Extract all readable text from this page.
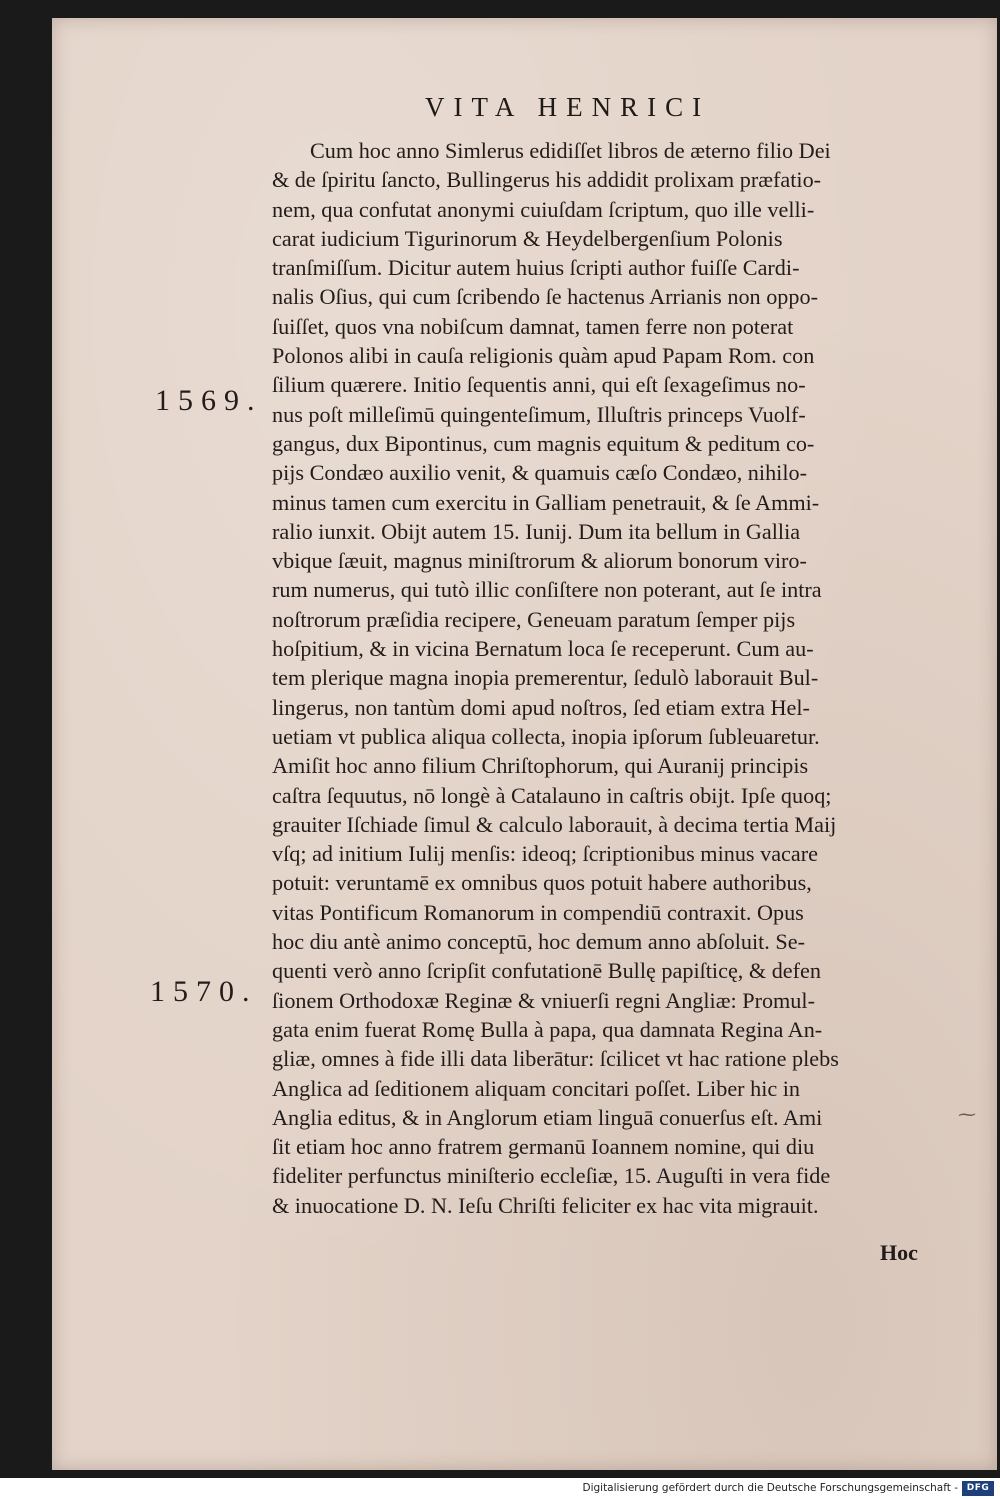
VITA HENRICI
1569.
1570.
Cum hoc anno Simlerus edidiſſet libros de æterno filio Dei
& de ſpiritu ſancto, Bullingerus his addidit prolixam præfatio-
nem, qua confutat anonymi cuiuſdam ſcriptum, quo ille velli-
carat iudicium Tigurinorum & Heydelbergenſium Polonis
tranſmiſſum. Dicitur autem huius ſcripti author fuiſſe Cardi-
nalis Oſius, qui cum ſcribendo ſe hactenus Arrianis non oppo-
ſuiſſet, quos vna nobiſcum damnat, tamen ferre non poterat
Polonos alibi in cauſa religionis quàm apud Papam Rom. con
ſilium quærere. Initio ſequentis anni, qui eſt ſexageſimus no-
nus poſt milleſimū quingenteſimum, Illuſtris princeps Vuolf-
gangus, dux Bipontinus, cum magnis equitum & peditum co-
pijs Condæo auxilio venit, & quamuis cæſo Condæo, nihilo-
minus tamen cum exercitu in Galliam penetrauit, & ſe Ammi-
ralio iunxit. Obijt autem 15. Iunij. Dum ita bellum in Gallia
vbique ſæuit, magnus miniſtrorum & aliorum bonorum viro-
rum numerus, qui tutò illic conſiſtere non poterant, aut ſe intra
noſtrorum præſidia recipere, Geneuam paratum ſemper pijs
hoſpitium, & in vicina Bernatum loca ſe receperunt. Cum au-
tem plerique magna inopia premerentur, ſedulò laborauit Bul-
lingerus, non tantùm domi apud noſtros, ſed etiam extra Hel-
uetiam vt publica aliqua collecta, inopia ipſorum ſubleuaretur.
Amiſit hoc anno filium Chriſtophorum, qui Auranij principis
caſtra ſequutus, nō longè à Catalauno in caſtris obijt. Ipſe quoq;
grauiter Iſchiade ſimul & calculo laborauit, à decima tertia Maij
vſq; ad initium Iulij menſis: ideoq; ſcriptionibus minus vacare
potuit: veruntamē ex omnibus quos potuit habere authoribus,
vitas Pontificum Romanorum in compendiū contraxit. Opus
hoc diu antè animo conceptū, hoc demum anno abſoluit. Se-
quenti verò anno ſcripſit confutationē Bullę papiſticę, & defen
ſionem Orthodoxæ Reginæ & vniuerſi regni Angliæ: Promul-
gata enim fuerat Romę Bulla à papa, qua damnata Regina An-
gliæ, omnes à fide illi data liberātur: ſcilicet vt hac ratione plebs
Anglica ad ſeditionem aliquam concitari poſſet. Liber hic in
Anglia editus, & in Anglorum etiam linguā conuerſus eſt. Ami
ſit etiam hoc anno fratrem germanū Ioannem nomine, qui diu
fideliter perfunctus miniſterio eccleſiæ, 15. Auguſti in vera fide
& inuocatione D. N. Ieſu Chriſti feliciter ex hac vita migrauit.
Hoc
⁓
Digitalisierung gefördert durch die Deutsche Forschungsgemeinschaft - DFG
